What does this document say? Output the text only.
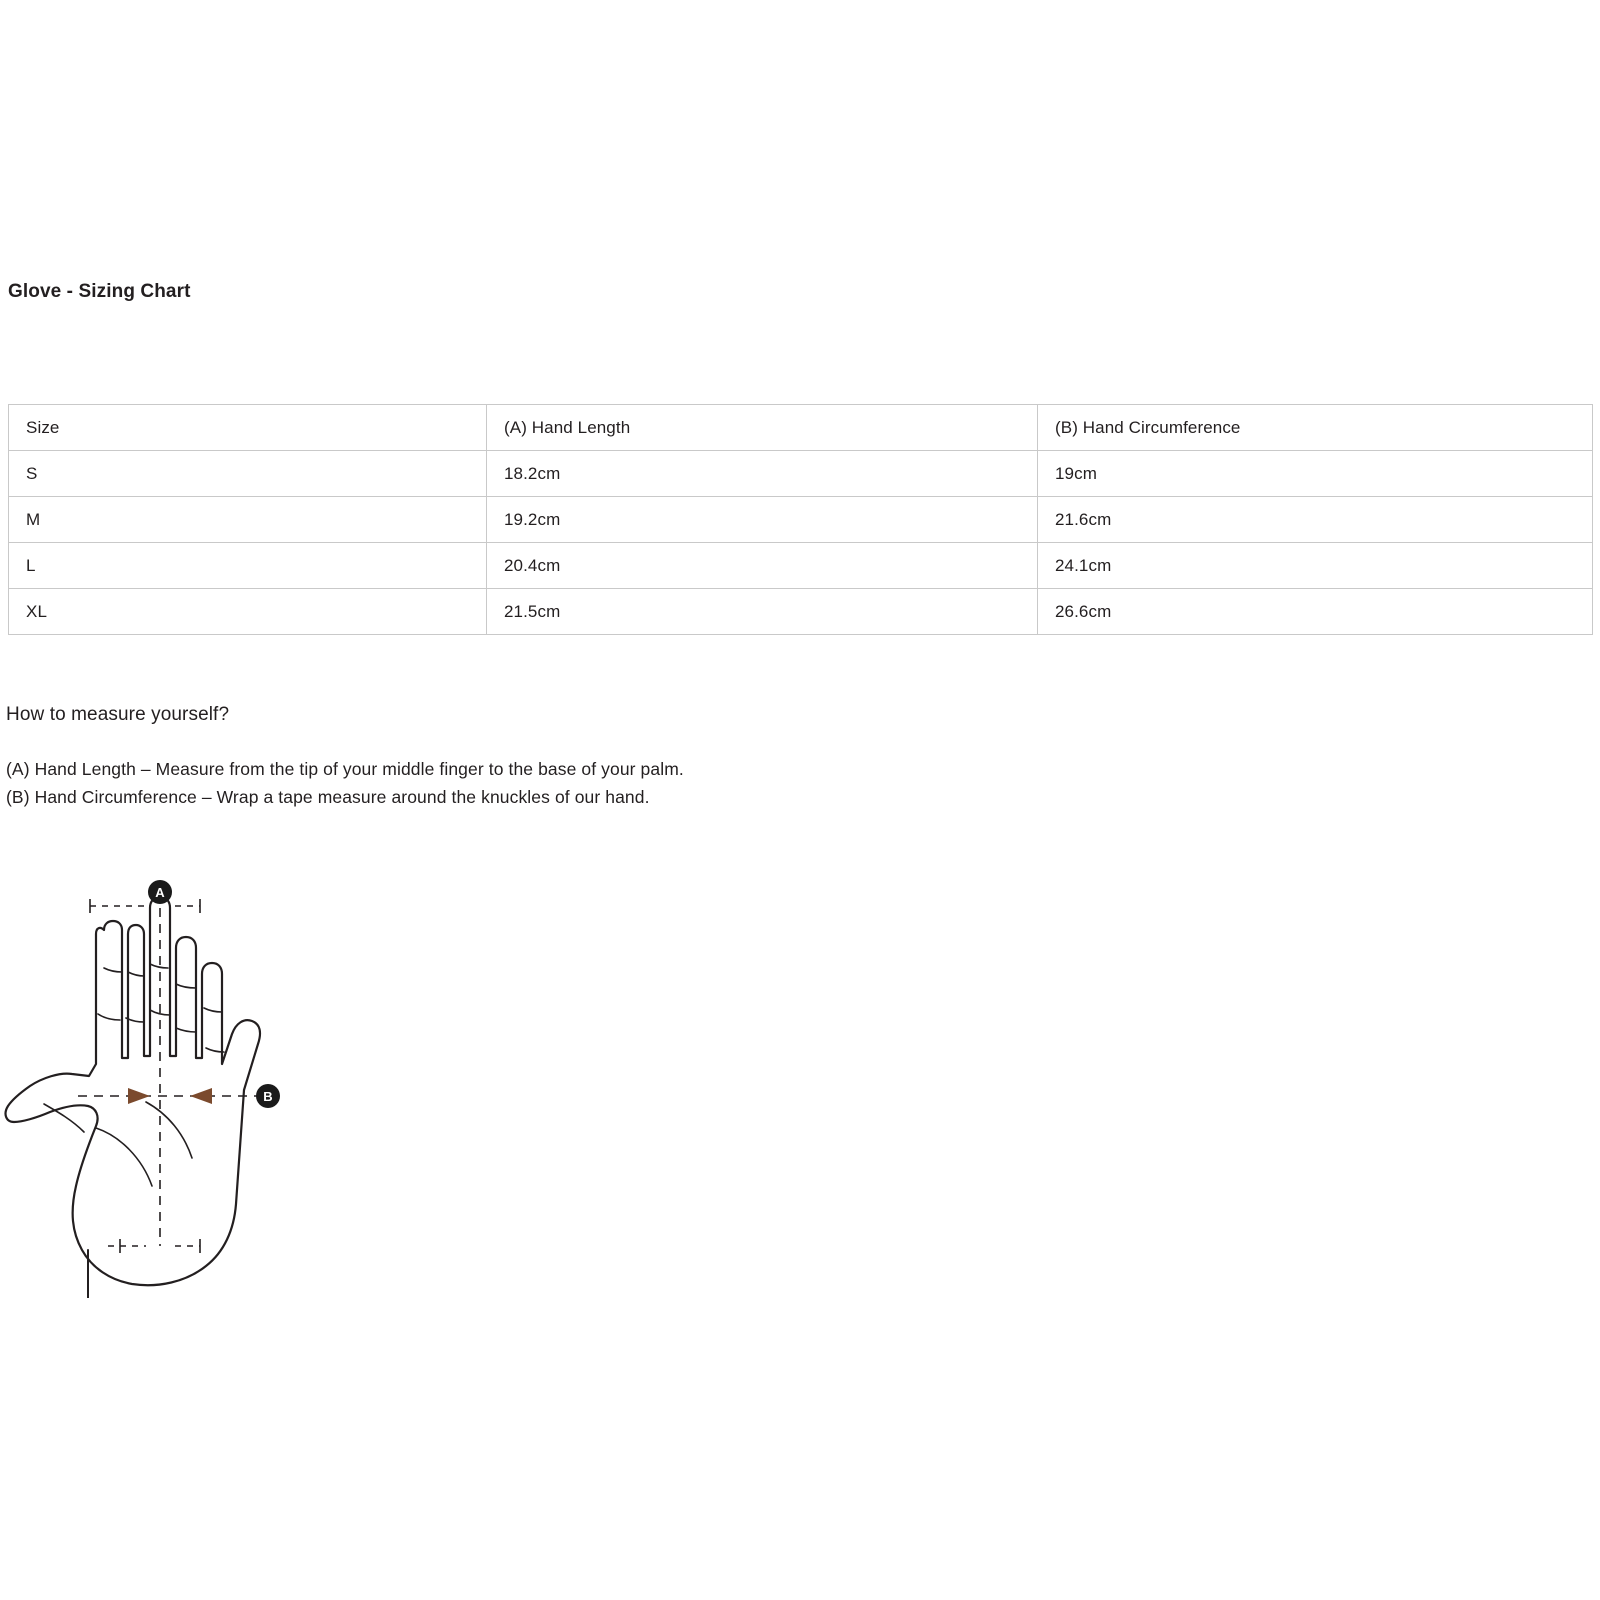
Glove - Sizing Chart
Size	(A) Hand Length	(B) Hand Circumference
S	18.2cm	19cm
M	19.2cm	21.6cm
L	20.4cm	24.1cm
XL	21.5cm	26.6cm
How to measure yourself?
(A) Hand Length – Measure from the tip of your middle finger to the base of your palm.
(B) Hand Circumference – Wrap a tape measure around the knuckles of our hand.
A
B
